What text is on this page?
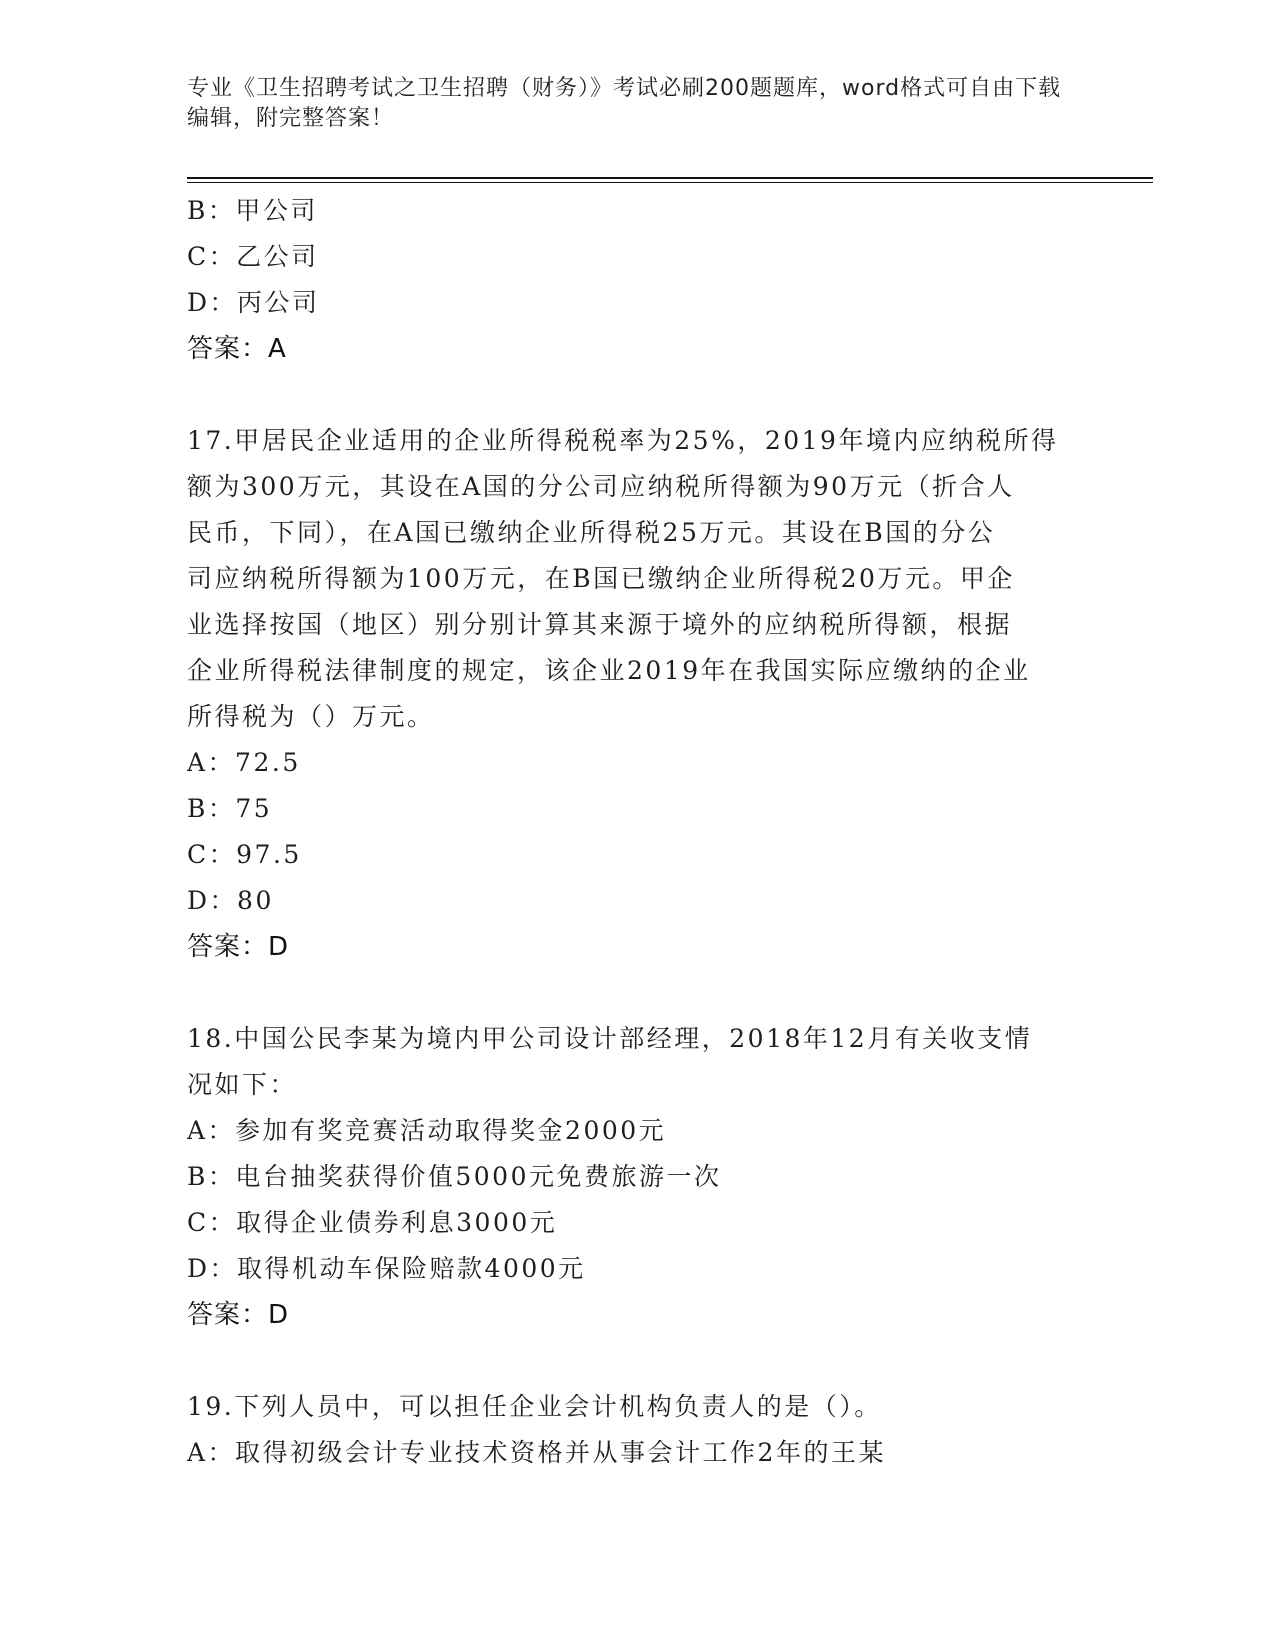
专业《卫生招聘考试之卫生招聘（财务）》考试必刷200题题库，word格式可自由下载编辑，附完整答案！
B：甲公司
C：乙公司
D：丙公司
答案：A
17.甲居民企业适用的企业所得税税率为25%，2019年境内应纳税所得
额为300万元，其设在A国的分公司应纳税所得额为90万元（折合人
民币，下同），在A国已缴纳企业所得税25万元。其设在B国的分公
司应纳税所得额为100万元，在B国已缴纳企业所得税20万元。甲企
业选择按国（地区）别分别计算其来源于境外的应纳税所得额，根据
企业所得税法律制度的规定，该企业2019年在我国实际应缴纳的企业
所得税为（）万元。
A：72.5
B：75
C：97.5
D：80
答案：D
18.中国公民李某为境内甲公司设计部经理，2018年12月有关收支情
况如下：
A：参加有奖竞赛活动取得奖金2000元
B：电台抽奖获得价值5000元免费旅游一次
C：取得企业债券利息3000元
D：取得机动车保险赔款4000元
答案：D
19.下列人员中，可以担任企业会计机构负责人的是（）。
A：取得初级会计专业技术资格并从事会计工作2年的王某
